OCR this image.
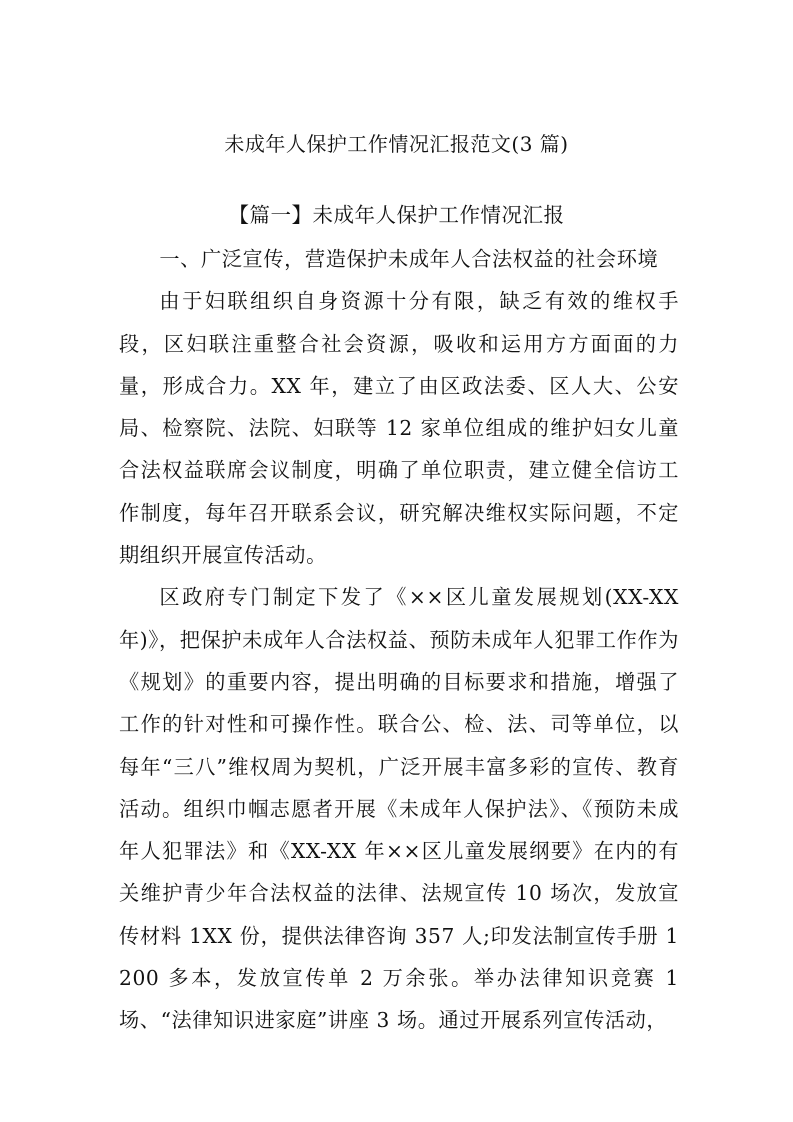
未成年人保护工作情况汇报范文(3 篇)
【篇一】未成年人保护工作情况汇报

一、广泛宣传，营造保护未成年人合法权益的社会环境

由于妇联组织自身资源十分有限，缺乏有效的维权手段，区妇联注重整合社会资源，吸收和运用方方面面的力量，形成合力。XX 年，建立了由区政法委、区人大、公安局、检察院、法院、妇联等 12 家单位组成的维护妇女儿童合法权益联席会议制度，明确了单位职责，建立健全信访工作制度，每年召开联系会议，研究解决维权实际问题，不定期组织开展宣传活动。

区政府专门制定下发了《××区儿童发展规划(XX-XX 年)》，把保护未成年人合法权益、预防未成年人犯罪工作作为《规划》的重要内容，提出明确的目标要求和措施，增强了工作的针对性和可操作性。联合公、检、法、司等单位，以每年“三八”维权周为契机，广泛开展丰富多彩的宣传、教育活动。组织巾帼志愿者开展《未成年人保护法》、《预防未成年人犯罪法》和《XX-XX 年××区儿童发展纲要》在内的有关维护青少年合法权益的法律、法规宣传 10 场次，发放宣传材料 1XX 份，提供法律咨询 357 人;印发法制宣传手册 1200 多本，发放宣传单 2 万余张。举办法律知识竞赛 1 场、“法律知识进家庭”讲座 3 场。通过开展系列宣传活动，
